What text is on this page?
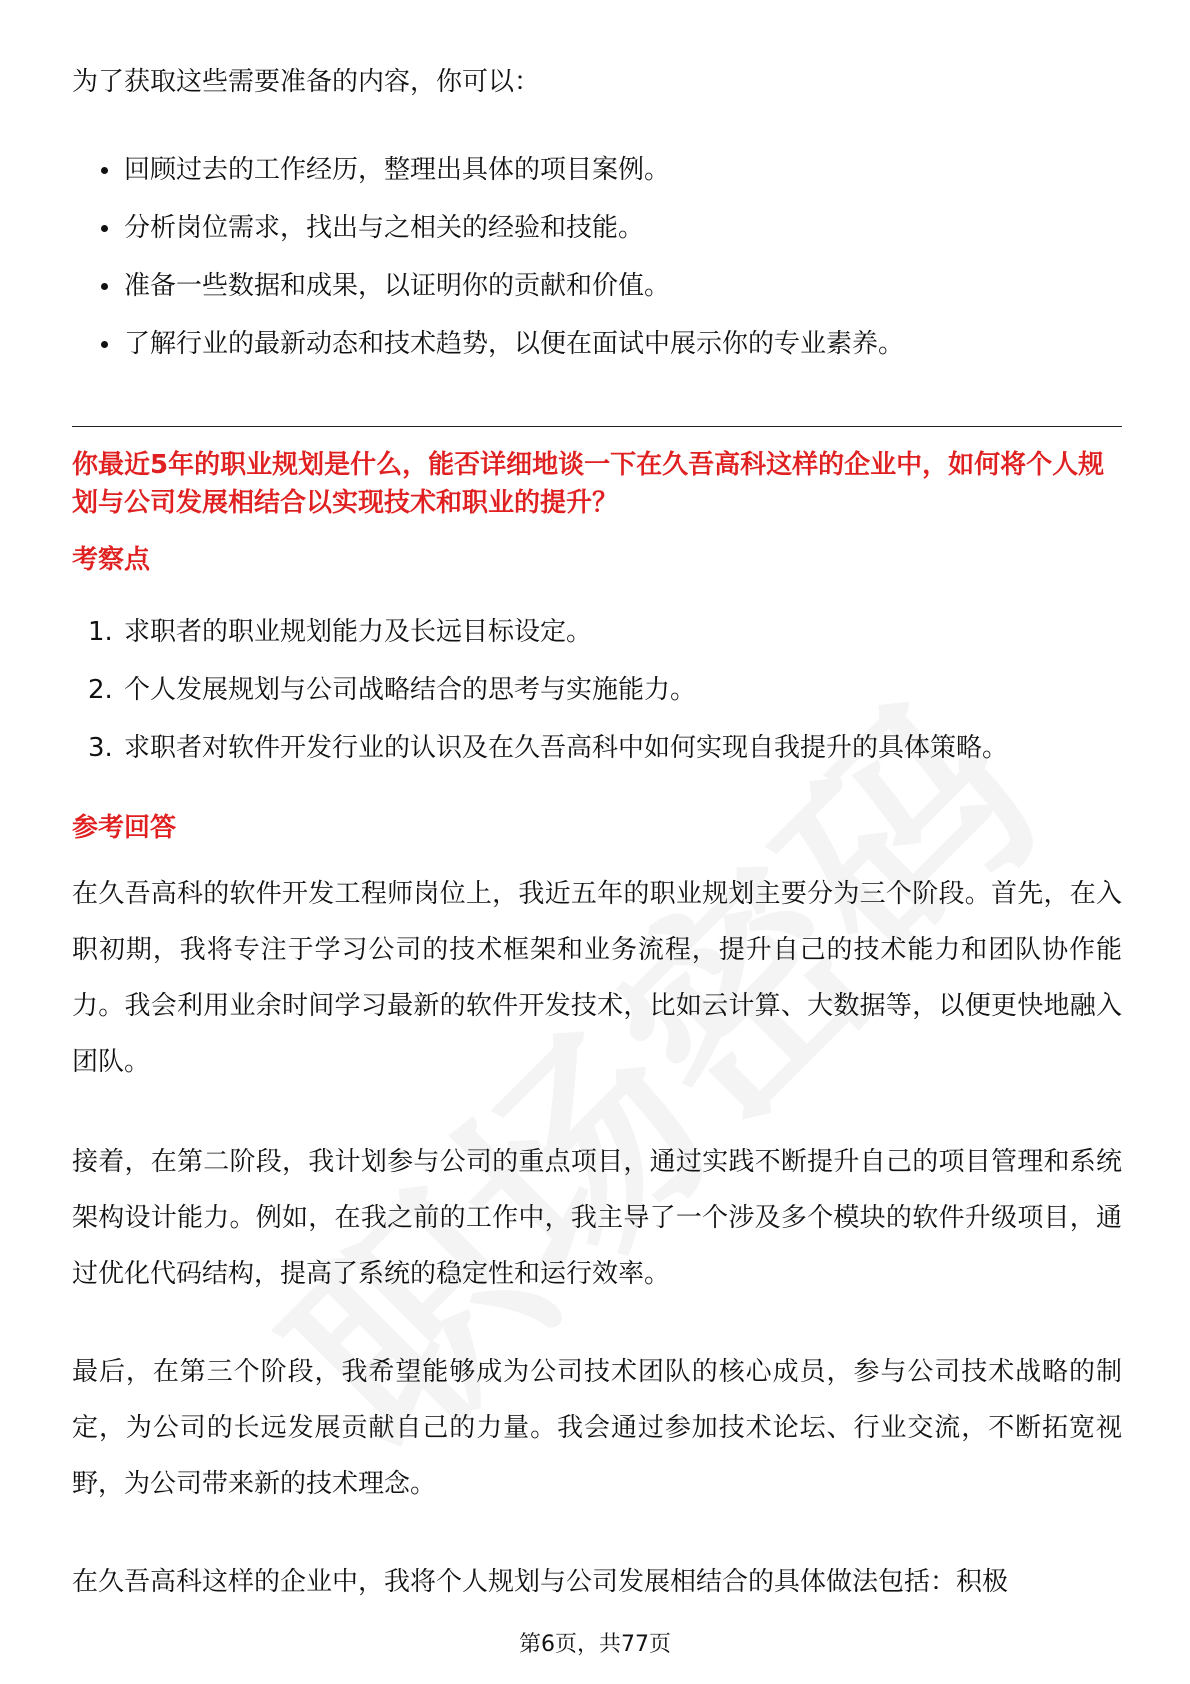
为了获取这些需要准备的内容，你可以：

回顾过去的工作经历，整理出具体的项目案例。
分析岗位需求，找出与之相关的经验和技能。
准备一些数据和成果，以证明你的贡献和价值。
了解行业的最新动态和技术趋势，以便在面试中展示你的专业素养。

你最近5年的职业规划是什么，能否详细地谈一下在久吾高科这样的企业中，如何将个人规划与公司发展相结合以实现技术和职业的提升？

考察点
1. 求职者的职业规划能力及长远目标设定。
2. 个人发展规划与公司战略结合的思考与实施能力。
3. 求职者对软件开发行业的认识及在久吾高科中如何实现自我提升的具体策略。
参考回答

在久吾高科的软件开发工程师岗位上，我近五年的职业规划主要分为三个阶段。首先，在入职初期，我将专注于学习公司的技术框架和业务流程，提升自己的技术能力和团队协作能力。我会利用业余时间学习最新的软件开发技术，比如云计算、大数据等，以便更快地融入团队。

接着，在第二阶段，我计划参与公司的重点项目，通过实践不断提升自己的项目管理和系统架构设计能力。例如，在我之前的工作中，我主导了一个涉及多个模块的软件升级项目，通过优化代码结构，提高了系统的稳定性和运行效率。

最后，在第三个阶段，我希望能够成为公司技术团队的核心成员，参与公司技术战略的制定，为公司的长远发展贡献自己的力量。我会通过参加技术论坛、行业交流，不断拓宽视野，为公司带来新的技术理念。

在久吾高科这样的企业中，我将个人规划与公司发展相结合的具体做法包括：积极

第6页，共77页
